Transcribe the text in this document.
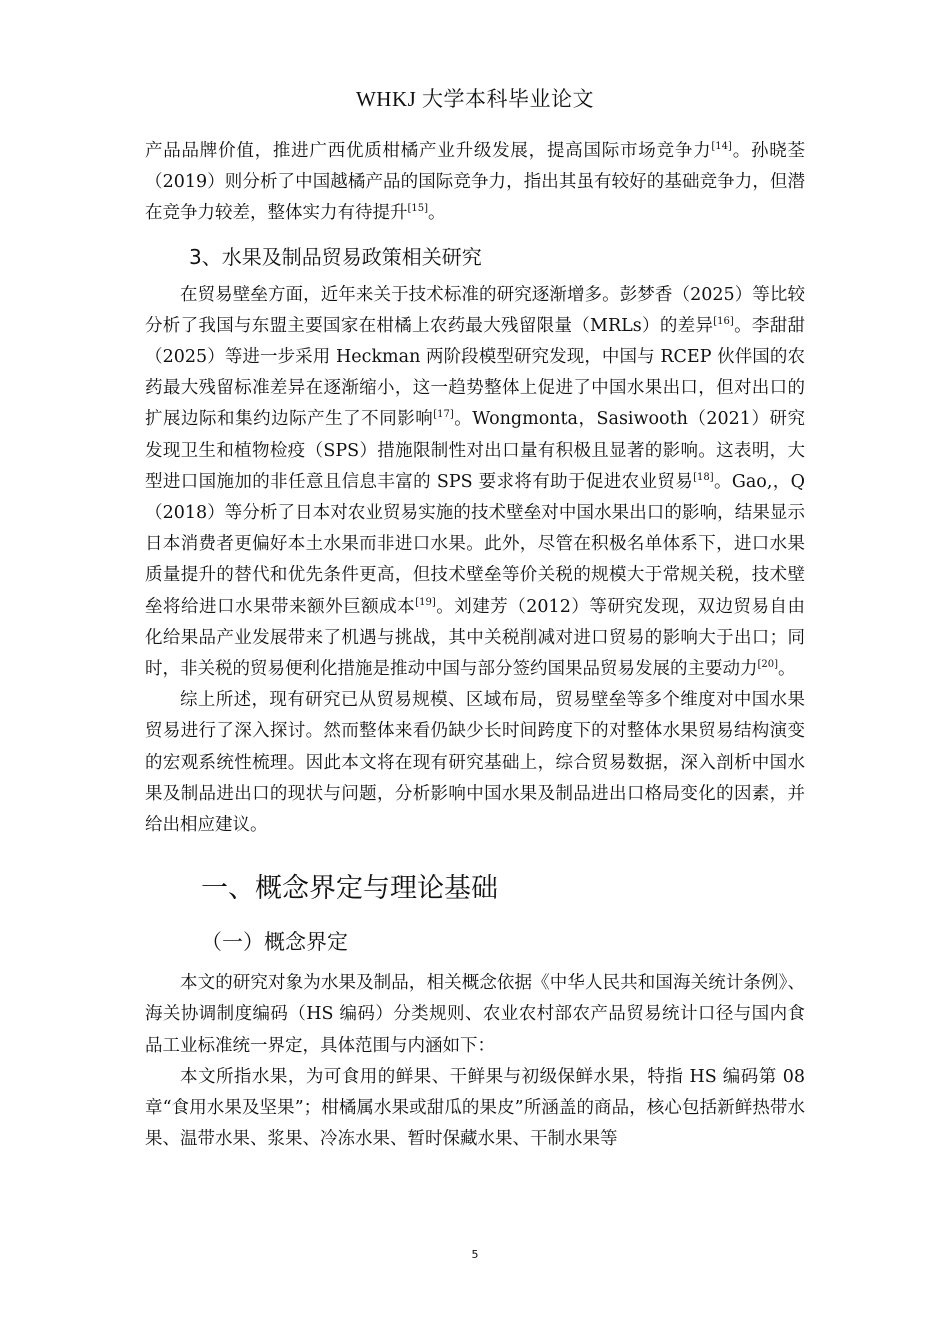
WHKJ 大学本科毕业论文

产品品牌价值，推进广西优质柑橘产业升级发展，提高国际市场竞争力[14]。孙晓荃（2019）则分析了中国越橘产品的国际竞争力，指出其虽有较好的基础竞争力，但潜在竞争力较差，整体实力有待提升[15]。

3、水果及制品贸易政策相关研究

在贸易壁垒方面，近年来关于技术标准的研究逐渐增多。彭梦香（2025）等比较分析了我国与东盟主要国家在柑橘上农药最大残留限量（MRLs）的差异[16]。李甜甜（2025）等进一步采用 Heckman 两阶段模型研究发现，中国与 RCEP 伙伴国的农药最大残留标准差异在逐渐缩小，这一趋势整体上促进了中国水果出口，但对出口的扩展边际和集约边际产生了不同影响[17]。Wongmonta，Sasiwooth（2021）研究发现卫生和植物检疫（SPS）措施限制性对出口量有积极且显著的影响。这表明，大型进口国施加的非任意且信息丰富的 SPS 要求将有助于促进农业贸易[18]。Gao,，Q（2018）等分析了日本对农业贸易实施的技术壁垒对中国水果出口的影响，结果显示日本消费者更偏好本土水果而非进口水果。此外，尽管在积极名单体系下，进口水果质量提升的替代和优先条件更高，但技术壁垒等价关税的规模大于常规关税，技术壁垒将给进口水果带来额外巨额成本[19]。刘建芳（2012）等研究发现，双边贸易自由化给果品产业发展带来了机遇与挑战，其中关税削减对进口贸易的影响大于出口；同时，非关税的贸易便利化措施是推动中国与部分签约国果品贸易发展的主要动力[20]。

综上所述，现有研究已从贸易规模、区域布局，贸易壁垒等多个维度对中国水果贸易进行了深入探讨。然而整体来看仍缺少长时间跨度下的对整体水果贸易结构演变的宏观系统性梳理。因此本文将在现有研究基础上，综合贸易数据，深入剖析中国水果及制品进出口的现状与问题，分析影响中国水果及制品进出口格局变化的因素，并给出相应建议。

一、概念界定与理论基础
（一）概念界定

本文的研究对象为水果及制品，相关概念依据《中华人民共和国海关统计条例》、海关协调制度编码（HS 编码）分类规则、农业农村部农产品贸易统计口径与国内食品工业标准统一界定，具体范围与内涵如下：

本文所指水果，为可食用的鲜果、干鲜果与初级保鲜水果，特指 HS 编码第 08 章“食用水果及坚果”；柑橘属水果或甜瓜的果皮”所涵盖的商品，核心包括新鲜热带水果、温带水果、浆果、冷冻水果、暂时保藏水果、干制水果等

5
